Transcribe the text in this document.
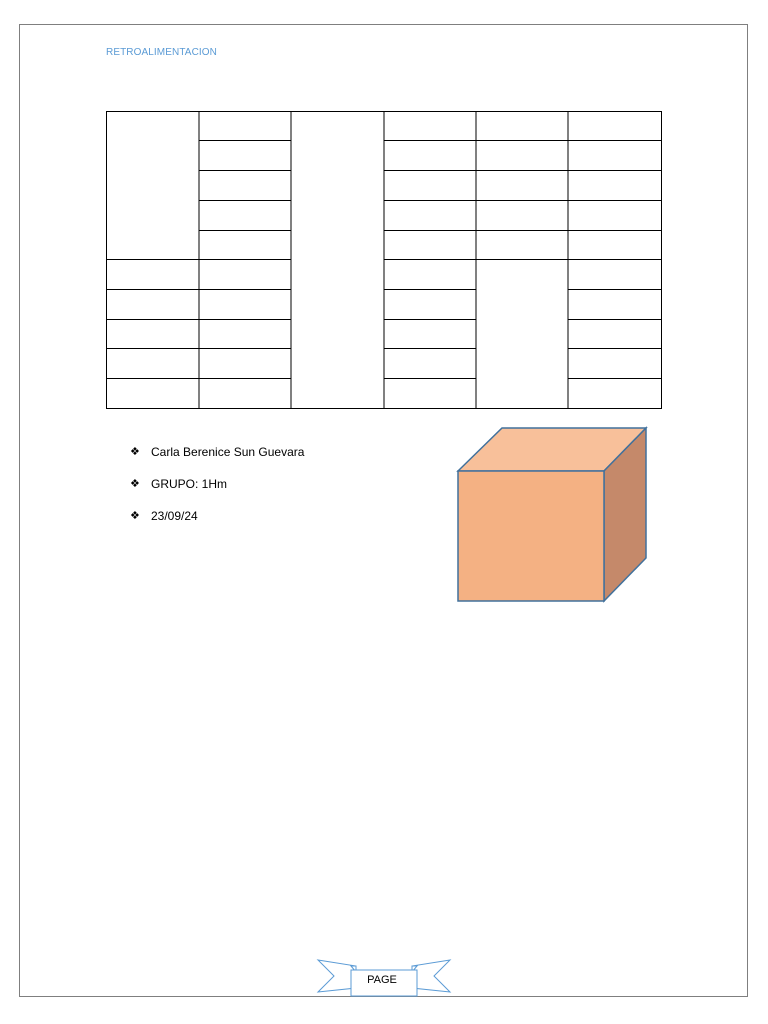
RETROALIMENTACION
❖ Carla Berenice Sun Guevara
❖ GRUPO: 1Hm
❖ 23/09/24
PAGE
